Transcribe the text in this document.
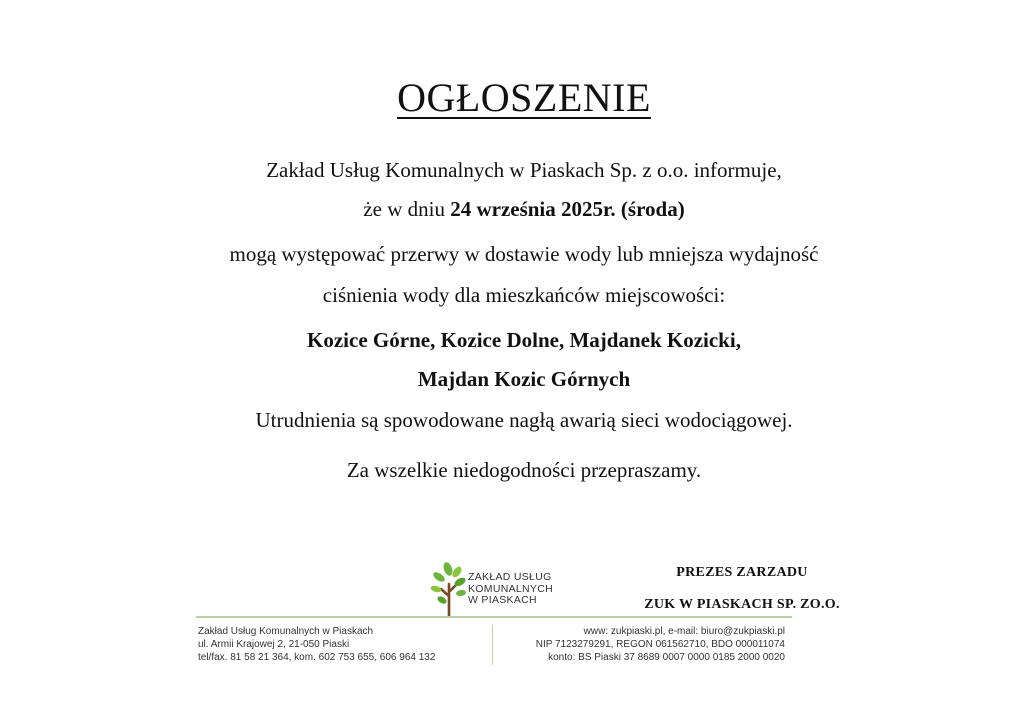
OGŁOSZENIE
Zakład Usług Komunalnych w Piaskach Sp. z o.o. informuje,
że w dniu 24 września 2025r. (środa)
mogą występować przerwy w dostawie wody lub mniejsza wydajność
ciśnienia wody dla mieszkańców miejscowości:
Kozice Górne, Kozice Dolne, Majdanek Kozicki,
Majdan Kozic Górnych
Utrudnienia są spowodowane nagłą awarią sieci wodociągowej.
Za wszelkie niedogodności przepraszamy.
ZAKŁAD USŁUG
KOMUNALNYCH
W PIASKACH
PREZES ZARZADU
ZUK W PIASKACH SP. ZO.O.
Zakład Usług Komunalnych w Piaskach
ul. Armii Krajowej 2, 21-050 Piaski
tel/fax. 81 58 21 364, kom. 602 753 655, 606 964 132
www: zukpiaski.pl, e-mail: biuro@zukpiaski.pl
NIP 7123279291, REGON 061562710, BDO 000011074
konto: BS Piaski 37 8689 0007 0000 0185 2000 0020
